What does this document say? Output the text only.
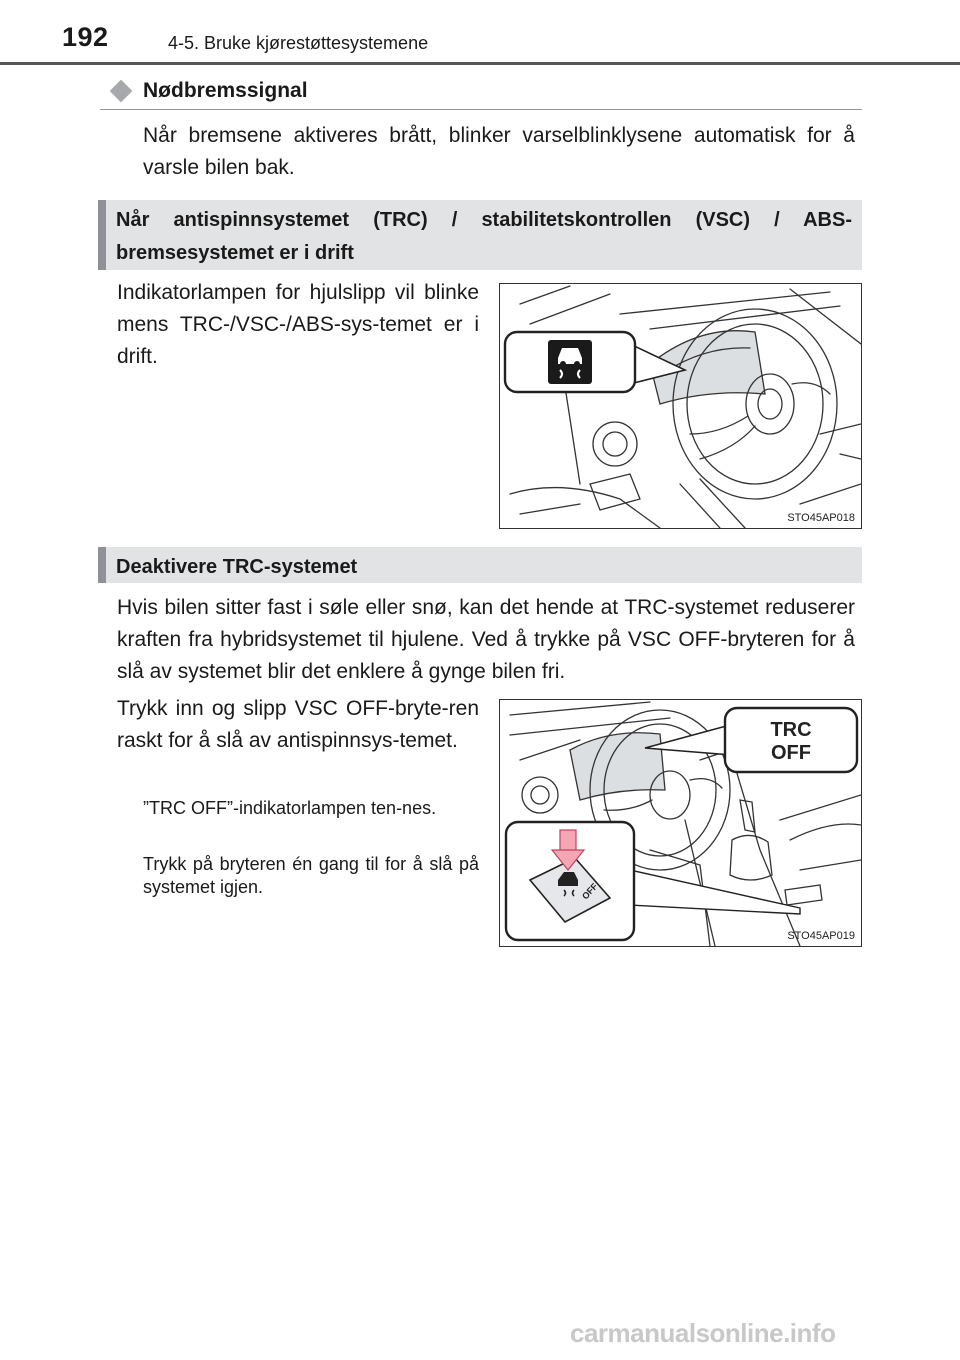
192	4-5. Bruke kjørestøttesystemene
Nødbremssignal
Når bremsene aktiveres brått, blinker varselblinklysene automatisk for å varsle bilen bak.
Når antispinnsystemet (TRC) / stabilitetskontrollen (VSC) / ABS-bremsesystemet er i drift
Indikatorlampen for hjulslipp vil blinke mens TRC-/VSC-/ABS-sys-temet er i drift.
STO45AP018
Deaktivere TRC-systemet
Hvis bilen sitter fast i søle eller snø, kan det hende at TRC-systemet reduserer kraften fra hybridsystemet til hjulene. Ved å trykke på VSC OFF-bryteren for å slå av systemet blir det enklere å gynge bilen fri.
Trykk inn og slipp VSC OFF-bryte-ren raskt for å slå av antispinnsys-temet.
”TRC OFF”-indikatorlampen ten-nes.
Trykk på bryteren én gang til for å slå på systemet igjen.
TRC
OFF
OFF
STO45AP019
carmanualsonline.info
